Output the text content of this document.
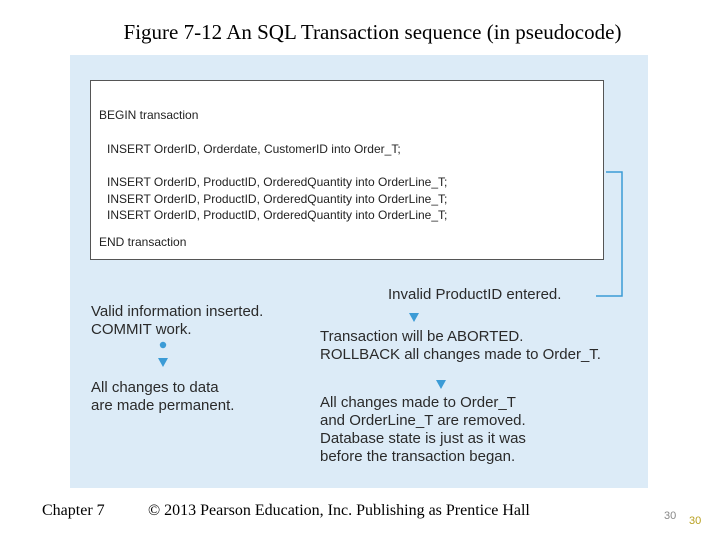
Figure 7-12 An SQL Transaction sequence (in pseudocode)
BEGIN transaction
INSERT OrderID, Orderdate, CustomerID into Order_T;
INSERT OrderID, ProductID, OrderedQuantity into OrderLine_T;
INSERT OrderID, ProductID, OrderedQuantity into OrderLine_T;
INSERT OrderID, ProductID, OrderedQuantity into OrderLine_T;
END transaction
Valid information inserted.
COMMIT work.
All changes to data
are made permanent.
Invalid ProductID entered.
Transaction will be ABORTED.
ROLLBACK all changes made to Order_T.
All changes made to Order_T
and OrderLine_T are removed.
Database state is just as it was
before the transaction began.
Chapter 7	© 2013 Pearson Education, Inc. Publishing as Prentice Hall	30 30
